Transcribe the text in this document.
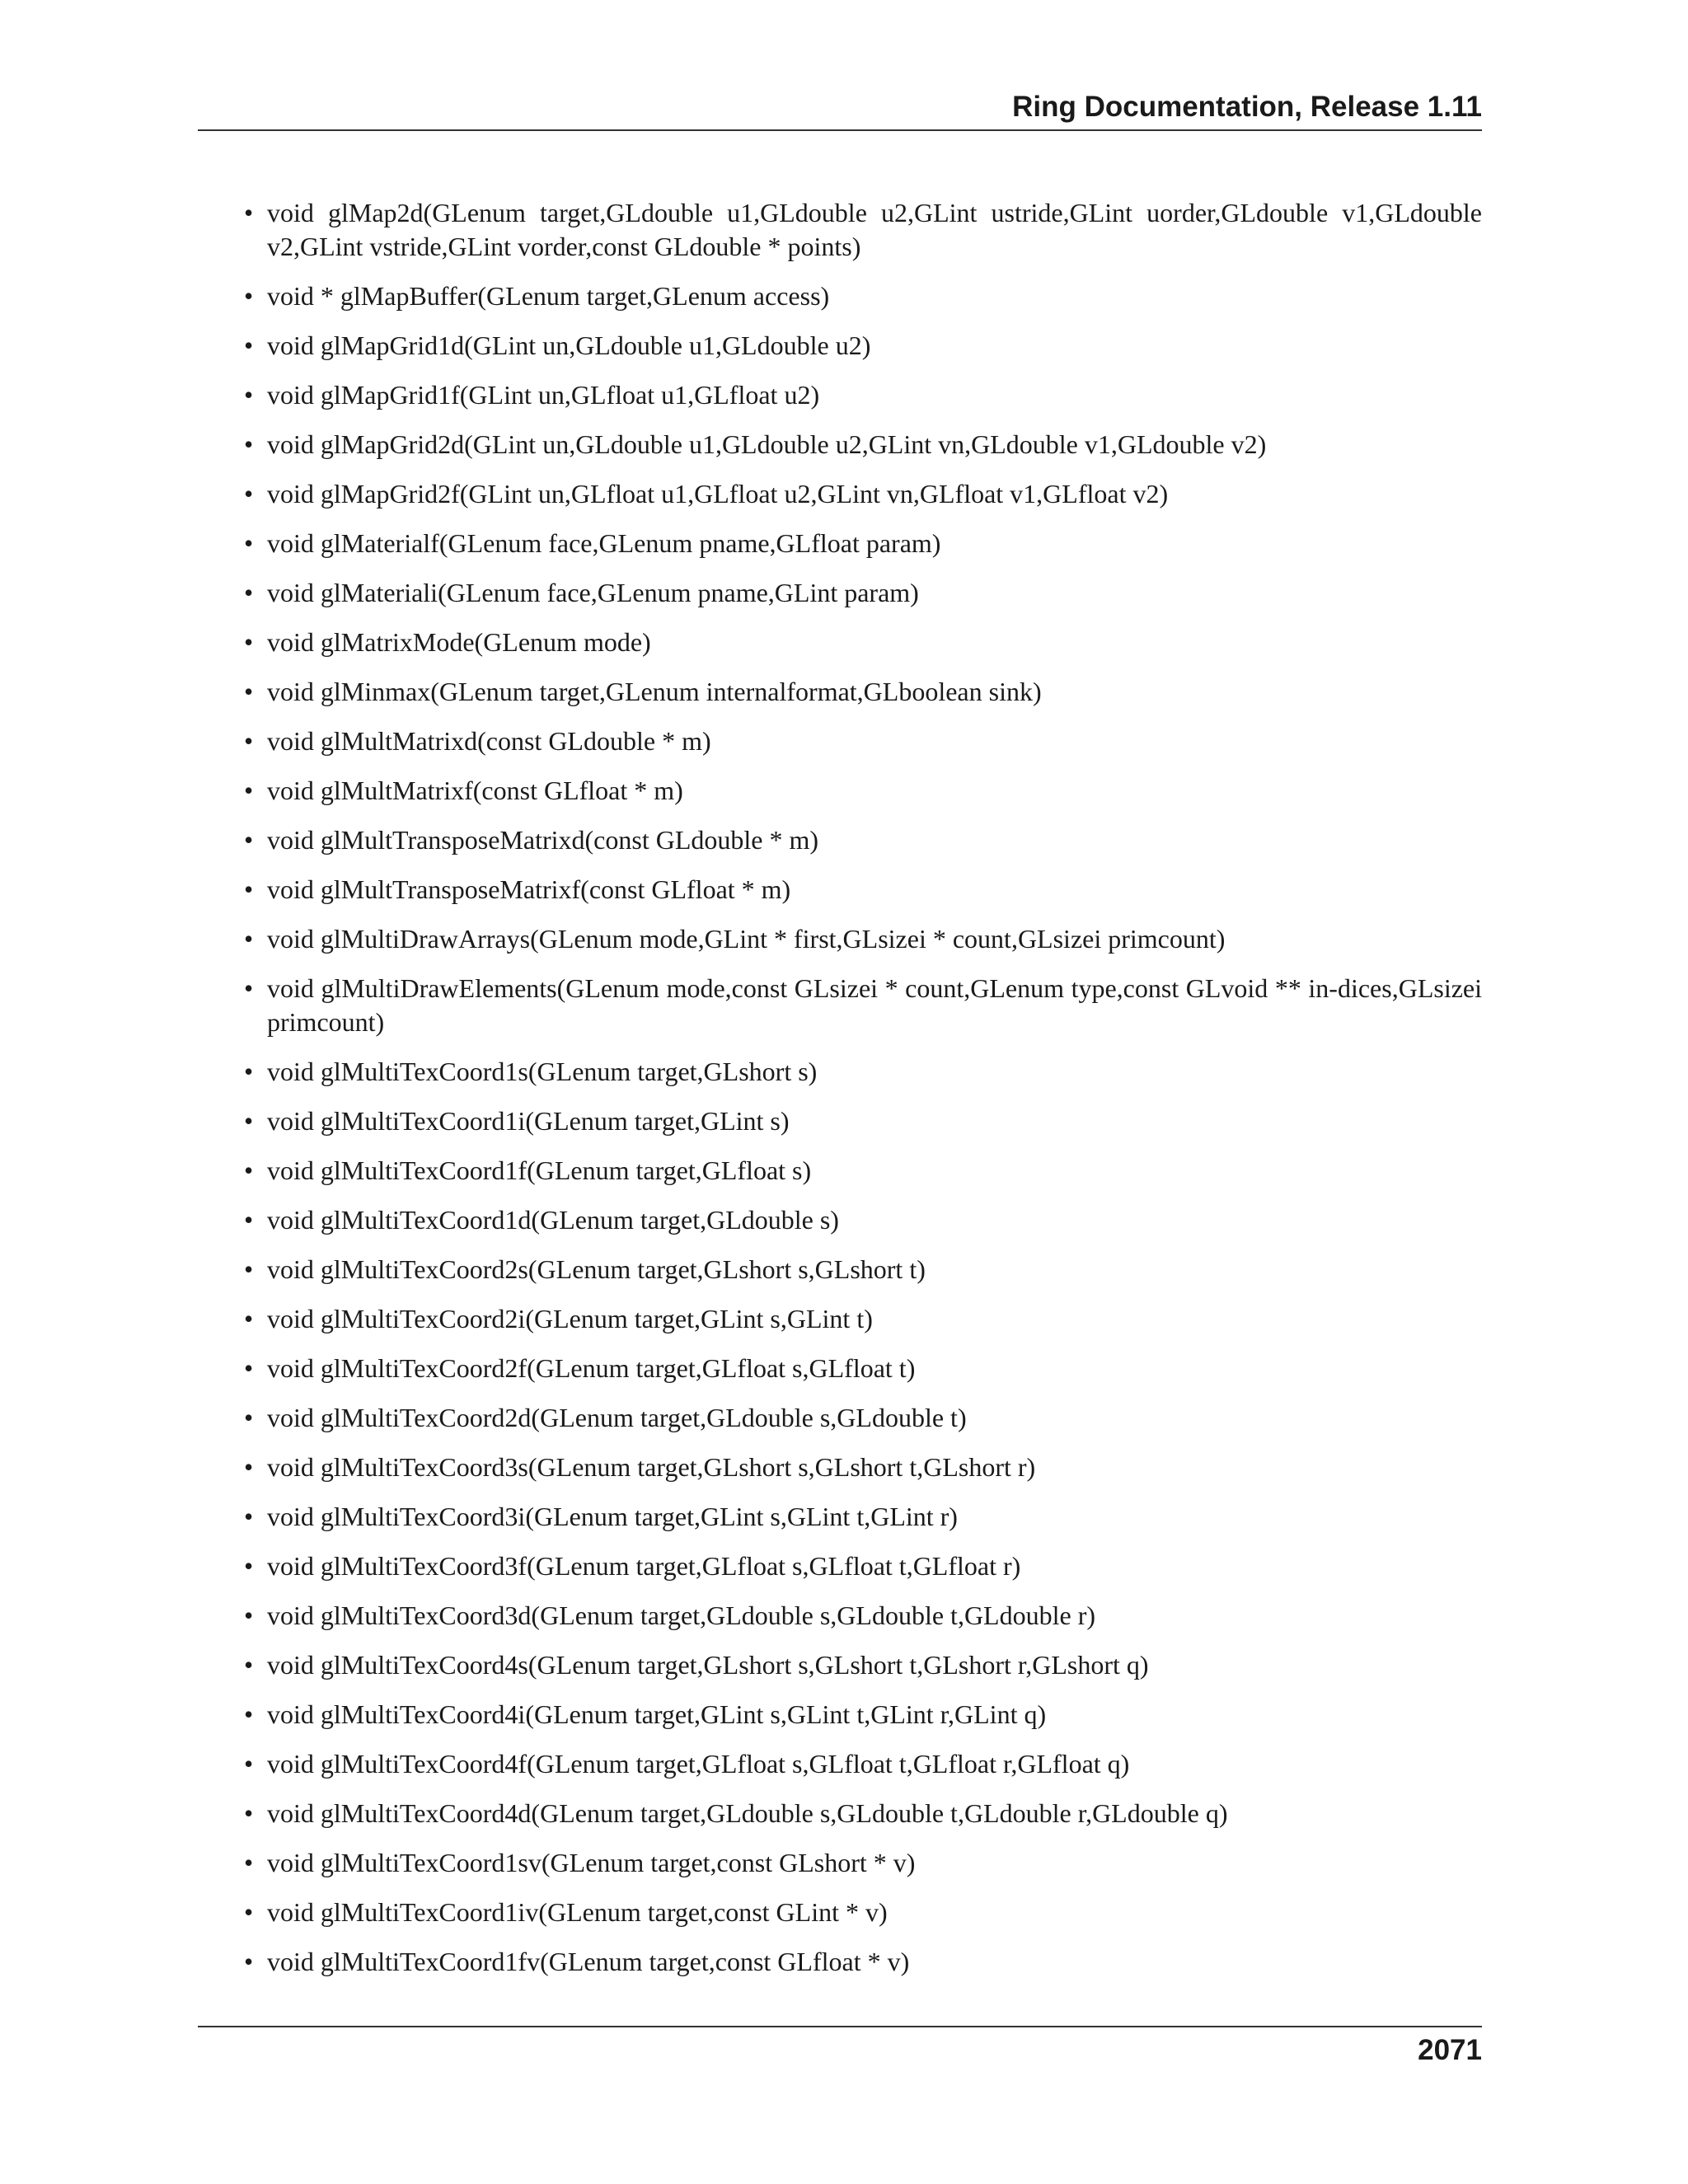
Ring Documentation, Release 1.11
• void glMap2d(GLenum target,GLdouble u1,GLdouble u2,GLint ustride,GLint uorder,GLdouble v1,GLdouble v2,GLint vstride,GLint vorder,const GLdouble * points)
• void * glMapBuffer(GLenum target,GLenum access)
• void glMapGrid1d(GLint un,GLdouble u1,GLdouble u2)
• void glMapGrid1f(GLint un,GLfloat u1,GLfloat u2)
• void glMapGrid2d(GLint un,GLdouble u1,GLdouble u2,GLint vn,GLdouble v1,GLdouble v2)
• void glMapGrid2f(GLint un,GLfloat u1,GLfloat u2,GLint vn,GLfloat v1,GLfloat v2)
• void glMaterialf(GLenum face,GLenum pname,GLfloat param)
• void glMateriali(GLenum face,GLenum pname,GLint param)
• void glMatrixMode(GLenum mode)
• void glMinmax(GLenum target,GLenum internalformat,GLboolean sink)
• void glMultMatrixd(const GLdouble * m)
• void glMultMatrixf(const GLfloat * m)
• void glMultTransposeMatrixd(const GLdouble * m)
• void glMultTransposeMatrixf(const GLfloat * m)
• void glMultiDrawArrays(GLenum mode,GLint * first,GLsizei * count,GLsizei primcount)
• void glMultiDrawElements(GLenum mode,const GLsizei * count,GLenum type,const GLvoid ** in-dices,GLsizei primcount)
• void glMultiTexCoord1s(GLenum target,GLshort s)
• void glMultiTexCoord1i(GLenum target,GLint s)
• void glMultiTexCoord1f(GLenum target,GLfloat s)
• void glMultiTexCoord1d(GLenum target,GLdouble s)
• void glMultiTexCoord2s(GLenum target,GLshort s,GLshort t)
• void glMultiTexCoord2i(GLenum target,GLint s,GLint t)
• void glMultiTexCoord2f(GLenum target,GLfloat s,GLfloat t)
• void glMultiTexCoord2d(GLenum target,GLdouble s,GLdouble t)
• void glMultiTexCoord3s(GLenum target,GLshort s,GLshort t,GLshort r)
• void glMultiTexCoord3i(GLenum target,GLint s,GLint t,GLint r)
• void glMultiTexCoord3f(GLenum target,GLfloat s,GLfloat t,GLfloat r)
• void glMultiTexCoord3d(GLenum target,GLdouble s,GLdouble t,GLdouble r)
• void glMultiTexCoord4s(GLenum target,GLshort s,GLshort t,GLshort r,GLshort q)
• void glMultiTexCoord4i(GLenum target,GLint s,GLint t,GLint r,GLint q)
• void glMultiTexCoord4f(GLenum target,GLfloat s,GLfloat t,GLfloat r,GLfloat q)
• void glMultiTexCoord4d(GLenum target,GLdouble s,GLdouble t,GLdouble r,GLdouble q)
• void glMultiTexCoord1sv(GLenum target,const GLshort * v)
• void glMultiTexCoord1iv(GLenum target,const GLint * v)
• void glMultiTexCoord1fv(GLenum target,const GLfloat * v)
2071
